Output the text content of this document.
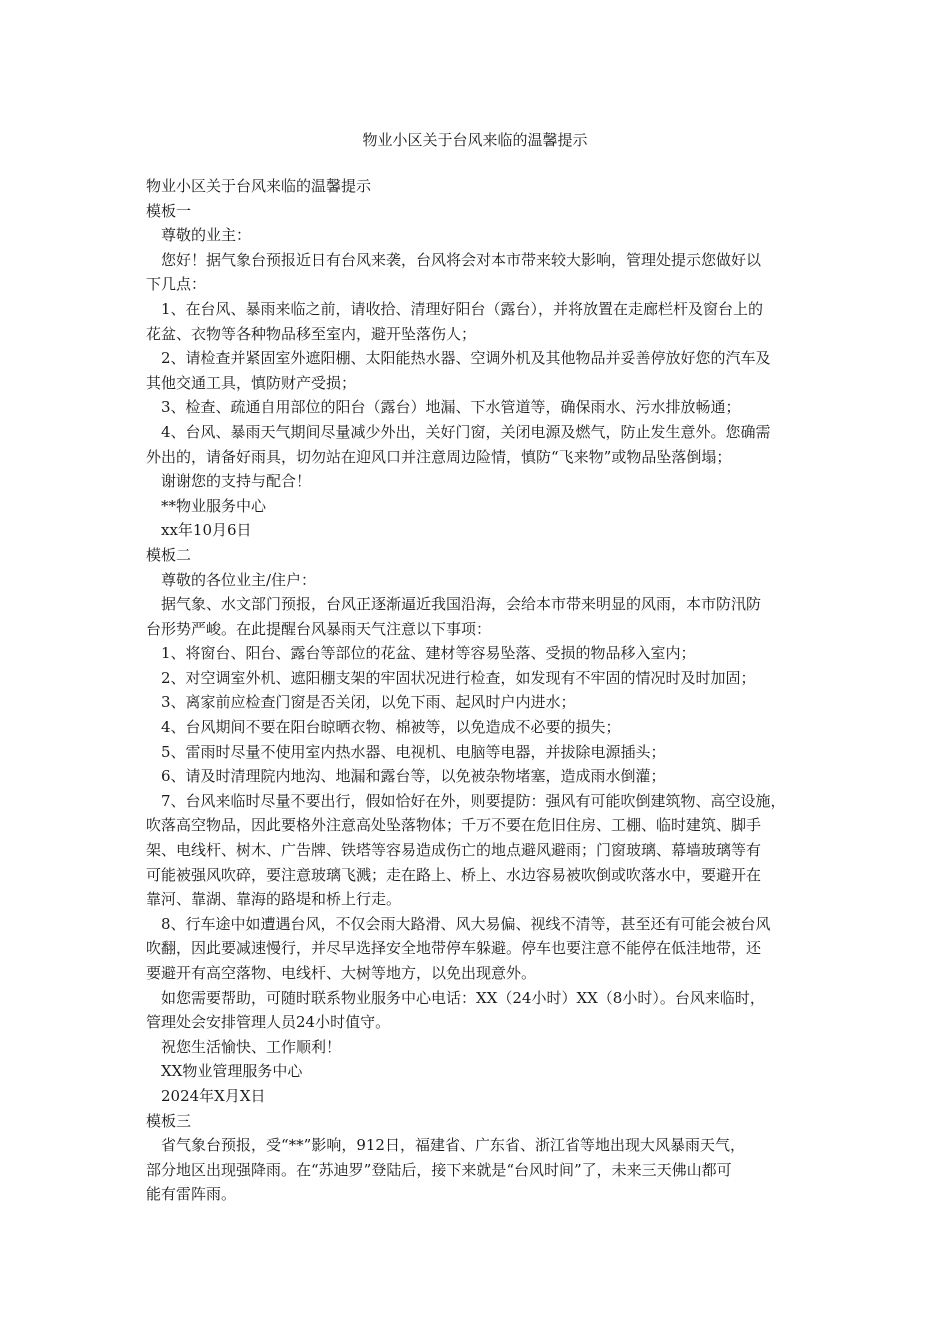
物业小区关于台风来临的温馨提示
物业小区关于台风来临的温馨提示
模板一
尊敬的业主：
您好！据气象台预报近日有台风来袭，台风将会对本市带来较大影响，管理处提示您做好以
下几点：
1、在台风、暴雨来临之前，请收拾、清理好阳台（露台），并将放置在走廊栏杆及窗台上的
花盆、衣物等各种物品移至室内，避开坠落伤人；
2、请检查并紧固室外遮阳棚、太阳能热水器、空调外机及其他物品并妥善停放好您的汽车及
其他交通工具，慎防财产受损；
3、检查、疏通自用部位的阳台（露台）地漏、下水管道等，确保雨水、污水排放畅通；
4、台风、暴雨天气期间尽量减少外出，关好门窗，关闭电源及燃气，防止发生意外。您确需
外出的，请备好雨具，切勿站在迎风口并注意周边险情，慎防“飞来物”或物品坠落倒塌；
谢谢您的支持与配合！
**物业服务中心
xx年10月6日
模板二
尊敬的各位业主/住户：
据气象、水文部门预报，台风正逐渐逼近我国沿海，会给本市带来明显的风雨，本市防汛防
台形势严峻。在此提醒台风暴雨天气注意以下事项：
1、将窗台、阳台、露台等部位的花盆、建材等容易坠落、受损的物品移入室内；
2、对空调室外机、遮阳棚支架的牢固状况进行检查，如发现有不牢固的情况时及时加固；
3、离家前应检查门窗是否关闭，以免下雨、起风时户内进水；
4、台风期间不要在阳台晾晒衣物、棉被等，以免造成不必要的损失；
5、雷雨时尽量不使用室内热水器、电视机、电脑等电器，并拔除电源插头；
6、请及时清理院内地沟、地漏和露台等，以免被杂物堵塞，造成雨水倒灌；
7、台风来临时尽量不要出行，假如恰好在外，则要提防：强风有可能吹倒建筑物、高空设施，
吹落高空物品，因此要格外注意高处坠落物体；千万不要在危旧住房、工棚、临时建筑、脚手
架、电线杆、树木、广告牌、铁塔等容易造成伤亡的地点避风避雨；门窗玻璃、幕墙玻璃等有
可能被强风吹碎，要注意玻璃飞溅；走在路上、桥上、水边容易被吹倒或吹落水中，要避开在
靠河、靠湖、靠海的路堤和桥上行走。
8、行车途中如遭遇台风，不仅会雨大路滑、风大易偏、视线不清等，甚至还有可能会被台风
吹翻，因此要减速慢行，并尽早选择安全地带停车躲避。停车也要注意不能停在低洼地带，还
要避开有高空落物、电线杆、大树等地方，以免出现意外。
如您需要帮助，可随时联系物业服务中心电话：XX（24小时）XX（8小时）。台风来临时，
管理处会安排管理人员24小时值守。
祝您生活愉快、工作顺利！
XX物业管理服务中心
2024年X月X日
模板三
省气象台预报，受“**”影响，912日，福建省、广东省、浙江省等地出现大风暴雨天气，
部分地区出现强降雨。在“苏迪罗”登陆后，接下来就是“台风时间”了，未来三天佛山都可
能有雷阵雨。
